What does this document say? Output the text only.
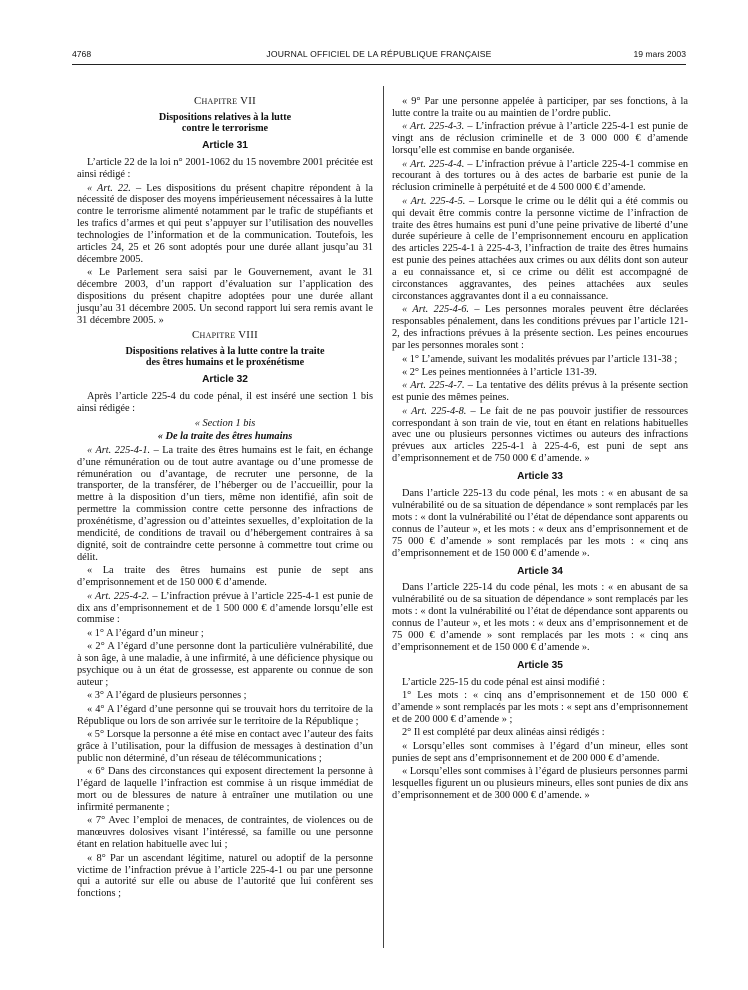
4768	JOURNAL OFFICIEL DE LA RÉPUBLIQUE FRANÇAISE	19 mars 2003
Chapitre VII
Dispositions relatives à la lutte
contre le terrorisme
Article 31

L’article 22 de la loi n° 2001-1062 du 15 novembre 2001 précitée est ainsi rédigé :

« Art. 22. – Les dispositions du présent chapitre répondent à la nécessité de disposer des moyens impérieusement nécessaires à la lutte contre le terrorisme alimenté notamment par le trafic de stupéfiants et les trafics d’armes et qui peut s’appuyer sur l’utilisation des nouvelles technologies de l’information et de la communication. Toutefois, les articles 24, 25 et 26 sont adoptés pour une durée allant jusqu’au 31 décembre 2005.

« Le Parlement sera saisi par le Gouvernement, avant le 31 décembre 2003, d’un rapport d’évaluation sur l’application des dispositions du présent chapitre adoptées pour une durée allant jusqu’au 31 décembre 2005. Un second rapport lui sera remis avant le 31 décembre 2005. »

Chapitre VIII
Dispositions relatives à la lutte contre la traite
des êtres humains et le proxénétisme
Article 32

Après l’article 225-4 du code pénal, il est inséré une section 1 bis ainsi rédigée :

« Section 1 bis
« De la traite des êtres humains

« Art. 225-4-1. – La traite des êtres humains est le fait, en échange d’une rémunération ou de tout autre avantage ou d’une promesse de rémunération ou d’avantage, de recruter une personne, de la transporter, de la transférer, de l’héberger ou de l’accueillir, pour la mettre à la disposition d’un tiers, même non identifié, afin soit de permettre la commission contre cette personne des infractions de proxénétisme, d’agression ou d’atteintes sexuelles, d’exploitation de la mendicité, de conditions de travail ou d’hébergement contraires à sa dignité, soit de contraindre cette personne à commettre tout crime ou délit.

« La traite des êtres humains est punie de sept ans d’emprisonnement et de 150 000 € d’amende.

« Art. 225-4-2. – L’infraction prévue à l’article 225-4-1 est punie de dix ans d’emprisonnement et de 1 500 000 € d’amende lorsqu’elle est commise :

« 1° A l’égard d’un mineur ;

« 2° A l’égard d’une personne dont la particulière vulnérabilité, due à son âge, à une maladie, à une infirmité, à une déficience physique ou psychique ou à un état de grossesse, est apparente ou connue de son auteur ;

« 3° A l’égard de plusieurs personnes ;

« 4° A l’égard d’une personne qui se trouvait hors du territoire de la République ou lors de son arrivée sur le territoire de la République ;

« 5° Lorsque la personne a été mise en contact avec l’auteur des faits grâce à l’utilisation, pour la diffusion de messages à destination d’un public non déterminé, d’un réseau de télécommunications ;

« 6° Dans des circonstances qui exposent directement la personne à l’égard de laquelle l’infraction est commise à un risque immédiat de mort ou de blessures de nature à entraîner une mutilation ou une infirmité permanente ;

« 7° Avec l’emploi de menaces, de contraintes, de violences ou de manœuvres dolosives visant l’intéressé, sa famille ou une personne étant en relation habituelle avec lui ;

« 8° Par un ascendant légitime, naturel ou adoptif de la personne victime de l’infraction prévue à l’article 225-4-1 ou par une personne qui a autorité sur elle ou abuse de l’autorité que lui confèrent ses fonctions ;

« 9° Par une personne appelée à participer, par ses fonctions, à la lutte contre la traite ou au maintien de l’ordre public.

« Art. 225-4-3. – L’infraction prévue à l’article 225-4-1 est punie de vingt ans de réclusion criminelle et de 3 000 000 € d’amende lorsqu’elle est commise en bande organisée.

« Art. 225-4-4. – L’infraction prévue à l’article 225-4-1 commise en recourant à des tortures ou à des actes de barbarie est punie de la réclusion criminelle à perpétuité et de 4 500 000 € d’amende.

« Art. 225-4-5. – Lorsque le crime ou le délit qui a été commis ou qui devait être commis contre la personne victime de l’infraction de traite des êtres humains est puni d’une peine privative de liberté d’une durée supérieure à celle de l’emprisonnement encouru en application des articles 225-4-1 à 225-4-3, l’infraction de traite des êtres humains est punie des peines attachées aux crimes ou aux délits dont son auteur a eu connaissance et, si ce crime ou délit est accompagné de circonstances aggravantes, des peines attachées aux seules circonstances aggravantes dont il a eu connaissance.

« Art. 225-4-6. – Les personnes morales peuvent être déclarées responsables pénalement, dans les conditions prévues par l’article 121-2, des infractions prévues à la présente section. Les peines encourues par les personnes morales sont :

« 1° L’amende, suivant les modalités prévues par l’article 131-38 ;

« 2° Les peines mentionnées à l’article 131-39.

« Art. 225-4-7. – La tentative des délits prévus à la présente section est punie des mêmes peines.

« Art. 225-4-8. – Le fait de ne pas pouvoir justifier de ressources correspondant à son train de vie, tout en étant en relations habituelles avec une ou plusieurs personnes victimes ou auteurs des infractions prévues aux articles 225-4-1 à 225-4-6, est puni de sept ans d’emprisonnement et de 750 000 € d’amende. »

Article 33

Dans l’article 225-13 du code pénal, les mots : « en abusant de sa vulnérabilité ou de sa situation de dépendance » sont remplacés par les mots : « dont la vulnérabilité ou l’état de dépendance sont apparents ou connus de l’auteur », et les mots : « deux ans d’emprisonnement et de 75 000 € d’amende » sont remplacés par les mots : « cinq ans d’emprisonnement et de 150 000 € d’amende ».

Article 34

Dans l’article 225-14 du code pénal, les mots : « en abusant de sa vulnérabilité ou de sa situation de dépendance » sont remplacés par les mots : « dont la vulnérabilité ou l’état de dépendance sont apparents ou connus de l’auteur », et les mots : « deux ans d’emprisonnement et de 75 000 € d’amende » sont remplacés par les mots : « cinq ans d’emprisonnement et de 150 000 € d’amende ».

Article 35

L’article 225-15 du code pénal est ainsi modifié :

1° Les mots : « cinq ans d’emprisonnement et de 150 000 € d’amende » sont remplacés par les mots : « sept ans d’emprisonnement et de 200 000 € d’amende » ;

2° Il est complété par deux alinéas ainsi rédigés :

« Lorsqu’elles sont commises à l’égard d’un mineur, elles sont punies de sept ans d’emprisonnement et de 200 000 € d’amende.

« Lorsqu’elles sont commises à l’égard de plusieurs personnes parmi lesquelles figurent un ou plusieurs mineurs, elles sont punies de dix ans d’emprisonnement et de 300 000 € d’amende. »
